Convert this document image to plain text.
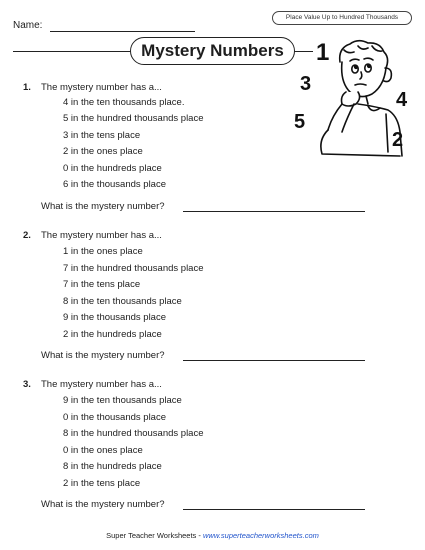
Name:
Place Value Up to Hundred Thousands
Mystery Numbers	1
3
4
5
2
1. The mystery number has a...
4 in the ten thousands place.
5 in the hundred thousands place
3 in the tens place
2 in the ones place
0 in the hundreds place
6 in the thousands place
What is the mystery number?
2. The mystery number has a...
1 in the ones place
7 in the hundred thousands place
7 in the tens place
8 in the ten thousands place
9 in the thousands place
2 in the hundreds place
What is the mystery number?
3. The mystery number has a...
9 in the ten thousands place
0 in the thousands place
8 in the hundred thousands place
0 in the ones place
8 in the hundreds place
2 in the tens place
What is the mystery number?
Super Teacher Worksheets - www.superteacherworksheets.com
